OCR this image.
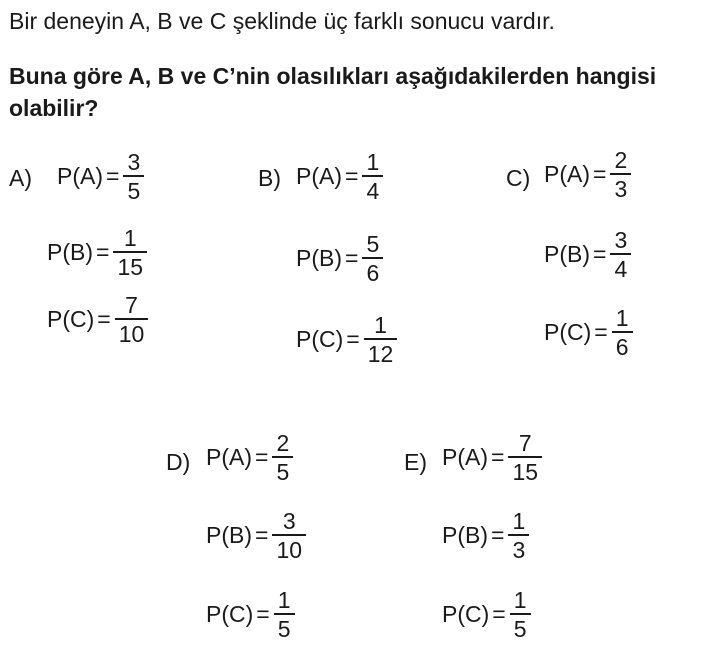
Bir deneyin A, B ve C şeklinde üç farklı sonucu vardır.
Buna göre A, B ve C’nin olasılıkları aşağıdakilerden hangisi olabilir?
A) $P(A) = \frac{3}{5}$
$P(B) = \frac{1}{15}$
$P(C) = \frac{7}{10}$
B) $P(A) = \frac{1}{4}$
$P(B) = \frac{5}{6}$
$P(C) = \frac{1}{12}$
C) $P(A) = \frac{2}{3}$
$P(B) = \frac{3}{4}$
$P(C) = \frac{1}{6}$
D) $P(A) = \frac{2}{5}$
$P(B) = \frac{3}{10}$
$P(C) = \frac{1}{5}$
E) $P(A) = \frac{7}{15}$
$P(B) = \frac{1}{3}$
$P(C) = \frac{1}{5}$
